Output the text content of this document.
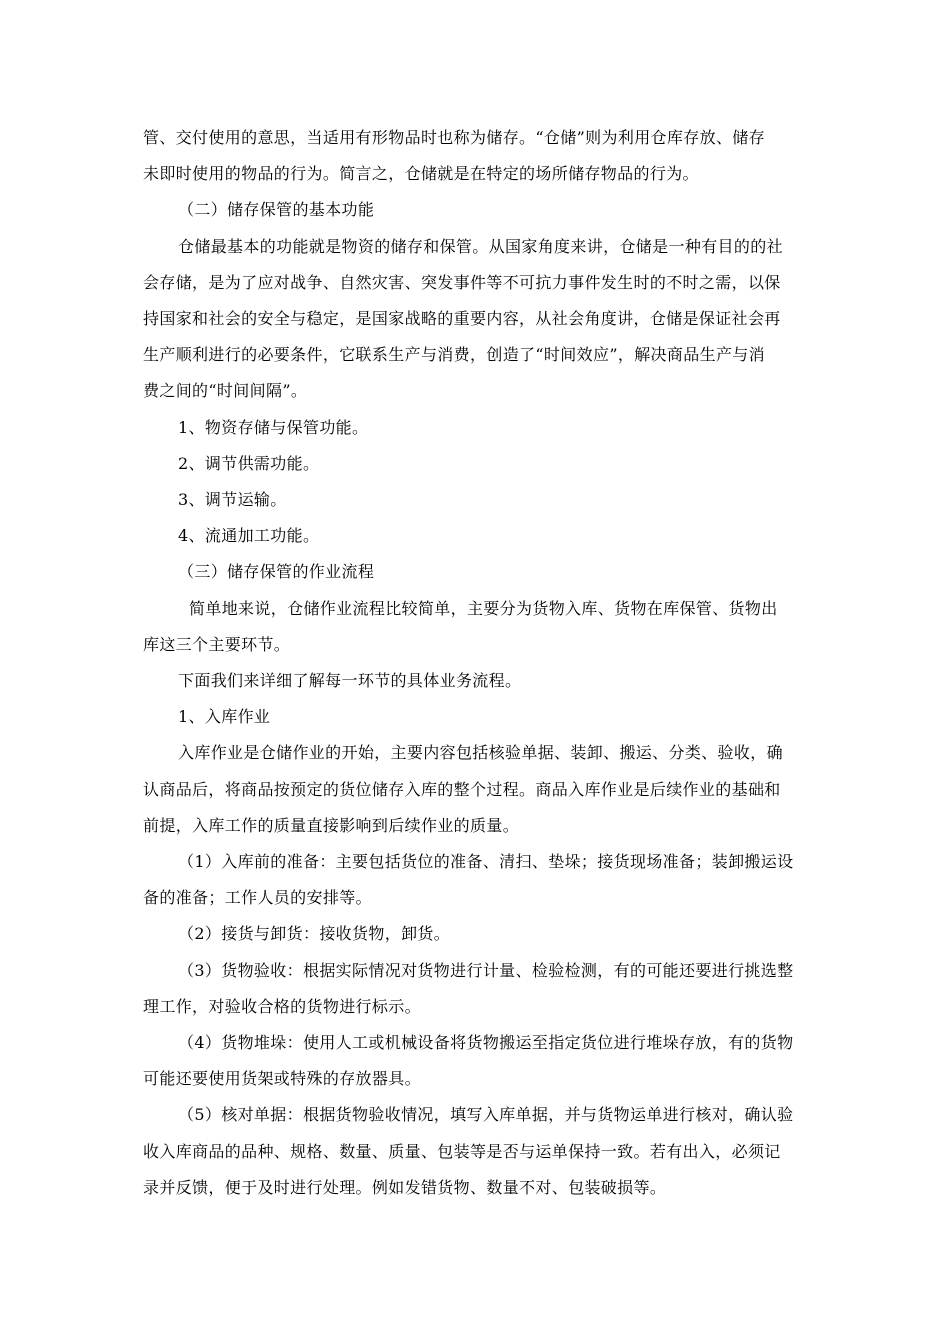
管、交付使用的意思，当适用有形物品时也称为储存。“仓储”则为利用仓库存放、储存
未即时使用的物品的行为。简言之，仓储就是在特定的场所储存物品的行为。
（二）储存保管的基本功能
仓储最基本的功能就是物资的储存和保管。从国家角度来讲，仓储是一种有目的的社
会存储，是为了应对战争、自然灾害、突发事件等不可抗力事件发生时的不时之需，以保
持国家和社会的安全与稳定，是国家战略的重要内容，从社会角度讲，仓储是保证社会再
生产顺利进行的必要条件，它联系生产与消费，创造了“时间效应”，解决商品生产与消
费之间的“时间间隔”。
1、物资存储与保管功能。
2、调节供需功能。
3、调节运输。
4、流通加工功能。
（三）储存保管的作业流程
简单地来说，仓储作业流程比较简单，主要分为货物入库、货物在库保管、货物出
库这三个主要环节。
下面我们来详细了解每一环节的具体业务流程。
1、入库作业
入库作业是仓储作业的开始，主要内容包括核验单据、装卸、搬运、分类、验收，确
认商品后，将商品按预定的货位储存入库的整个过程。商品入库作业是后续作业的基础和
前提，入库工作的质量直接影响到后续作业的质量。
（1）入库前的准备：主要包括货位的准备、清扫、垫垛；接货现场准备；装卸搬运设
备的准备；工作人员的安排等。
（2）接货与卸货：接收货物，卸货。
（3）货物验收：根据实际情况对货物进行计量、检验检测，有的可能还要进行挑选整
理工作，对验收合格的货物进行标示。
（4）货物堆垛：使用人工或机械设备将货物搬运至指定货位进行堆垛存放，有的货物
可能还要使用货架或特殊的存放器具。
（5）核对单据：根据货物验收情况，填写入库单据，并与货物运单进行核对，确认验
收入库商品的品种、规格、数量、质量、包装等是否与运单保持一致。若有出入，必须记
录并反馈，便于及时进行处理。例如发错货物、数量不对、包装破损等。
